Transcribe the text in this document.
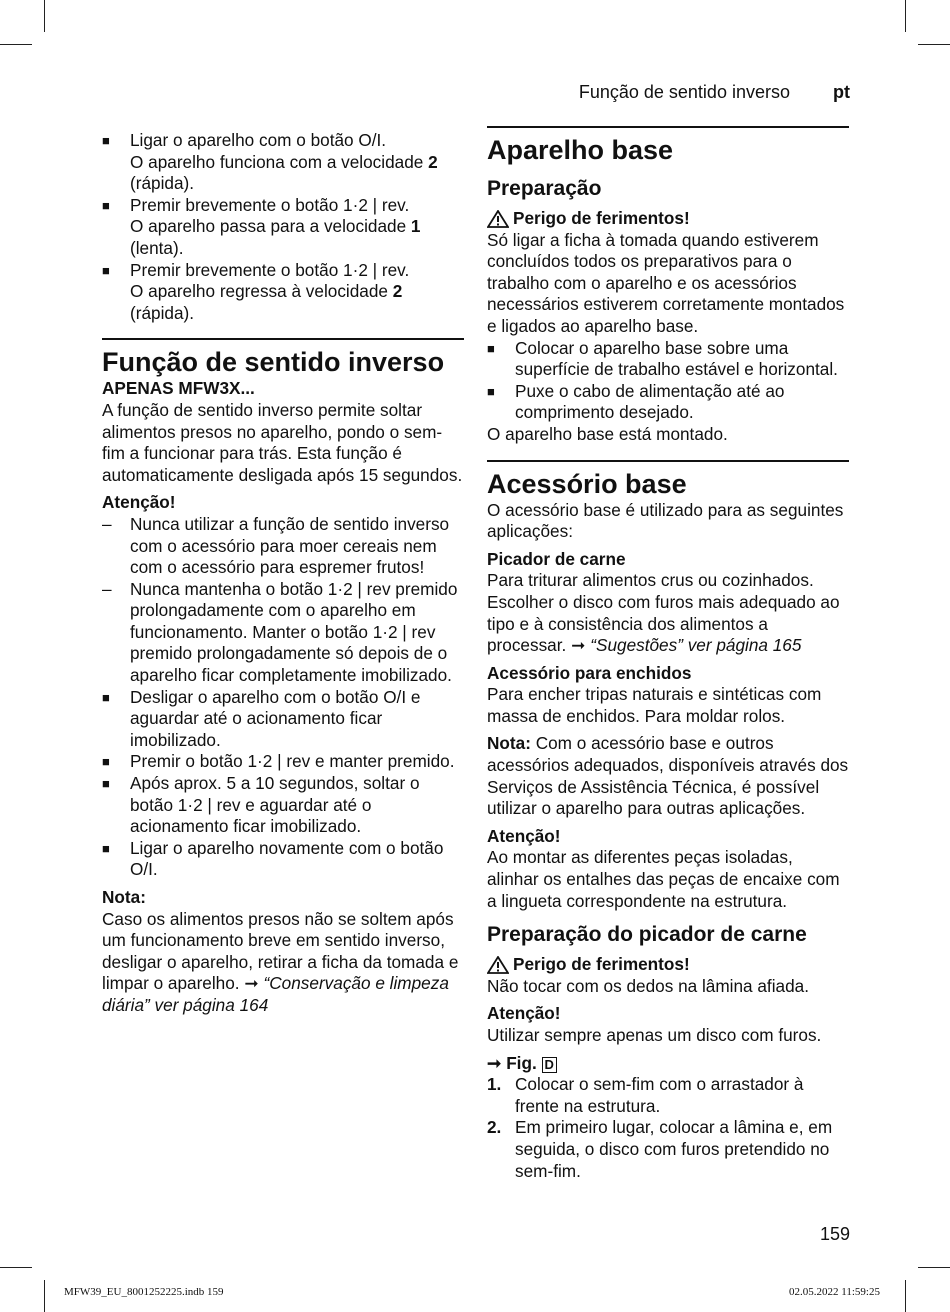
Função de sentido inverso pt
■ Ligar o aparelho com o botão O/I.
O aparelho funciona com a velocidade 2
(rápida).
■ Premir brevemente o botão 1·2 | rev.
O aparelho passa para a velocidade 1
(lenta).
■ Premir brevemente o botão 1·2 | rev.
O aparelho regressa à velocidade 2
(rápida).
Função de sentido inverso
APENAS MFW3X...
A função de sentido inverso permite soltar alimentos presos no aparelho, pondo o sem-fim a funcionar para trás. Esta função é automaticamente desligada após 15 segundos.
Atenção!
– Nunca utilizar a função de sentido inverso com o acessório para moer cereais nem com o acessório para espremer frutos!
– Nunca mantenha o botão 1·2 | rev premido prolongadamente com o aparelho em funcionamento. Manter o botão 1·2 | rev premido prolongadamente só depois de o aparelho ficar completamente imobilizado.
■ Desligar o aparelho com o botão O/I e aguardar até o acionamento ficar imobilizado.
■ Premir o botão 1·2 | rev e manter premido.
■ Após aprox. 5 a 10 segundos, soltar o botão 1·2 | rev e aguardar até o acionamento ficar imobilizado.
■ Ligar o aparelho novamente com o botão O/I.
Nota:
Caso os alimentos presos não se soltem após um funcionamento breve em sentido inverso, desligar o aparelho, retirar a ficha da tomada e limpar o aparelho. ➞ “Conservação e limpeza diária” ver página 164
Aparelho base
Preparação
Perigo de ferimentos!
Só ligar a ficha à tomada quando estiverem concluídos todos os preparativos para o trabalho com o aparelho e os acessórios necessários estiverem corretamente montados e ligados ao aparelho base.
■ Colocar o aparelho base sobre uma superfície de trabalho estável e horizontal.
■ Puxe o cabo de alimentação até ao comprimento desejado.
O aparelho base está montado.
Acessório base
O acessório base é utilizado para as seguintes aplicações:
Picador de carne
Para triturar alimentos crus ou cozinhados. Escolher o disco com furos mais adequado ao tipo e à consistência dos alimentos a processar. ➞ “Sugestões” ver página 165
Acessório para enchidos
Para encher tripas naturais e sintéticas com massa de enchidos. Para moldar rolos.
Nota: Com o acessório base e outros acessórios adequados, disponíveis através dos Serviços de Assistência Técnica, é possível utilizar o aparelho para outras aplicações.
Atenção!
Ao montar as diferentes peças isoladas, alinhar os entalhes das peças de encaixe com a lingueta correspondente na estrutura.
Preparação do picador de carne
Perigo de ferimentos!
Não tocar com os dedos na lâmina afiada.
Atenção!
Utilizar sempre apenas um disco com furos.
➞ Fig. D
1. Colocar o sem-fim com o arrastador à frente na estrutura.
2. Em primeiro lugar, colocar a lâmina e, em seguida, o disco com furos pretendido no sem-fim.
159
MFW39_EU_8001252225.indb 159	02.05.2022 11:59:25
